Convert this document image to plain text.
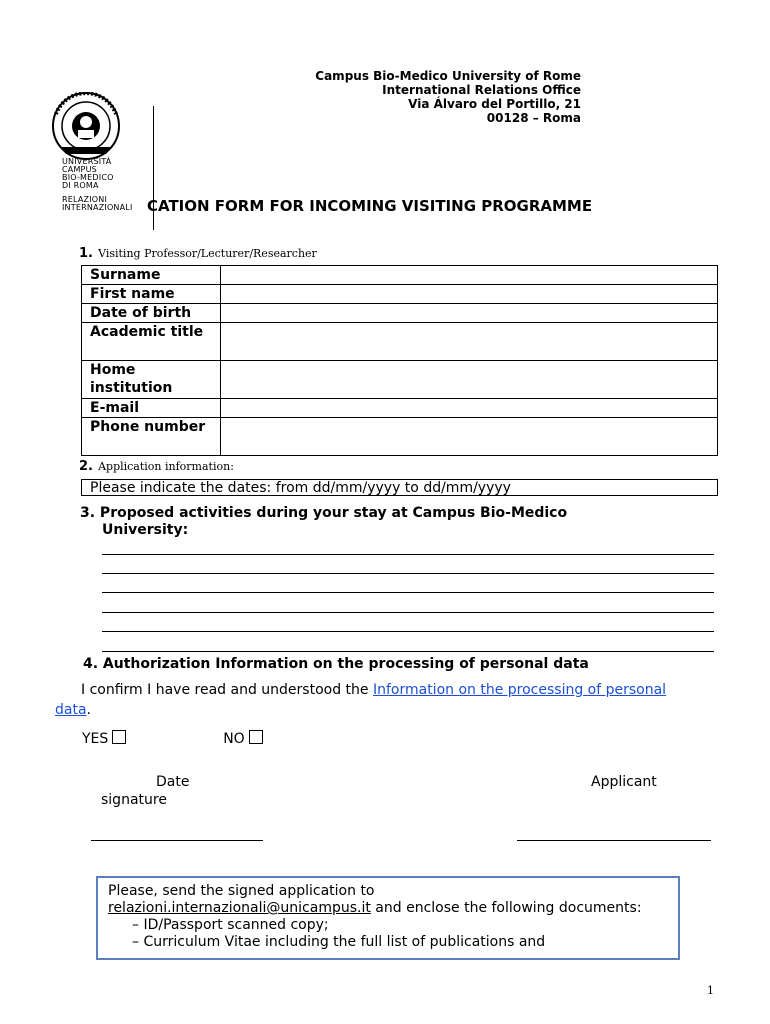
Campus Bio-Medico University of Rome
International Relations Office
Via Álvaro del Portillo, 21
00128 – Roma
UNIVERSITÀ
CAMPUS
BIO-MEDICO
DI ROMA
RELAZIONI
INTERNAZIONALI CATION FORM FOR INCOMING VISITING PROGRAMME
1. Visiting Professor/Lecturer/Researcher
Surname	
First name	
Date of birth	
Academic title	
Home institution	
E-mail	
Phone number	
2. Application information:
Please indicate the dates: from dd/mm/yyyy to dd/mm/yyyy
3. Proposed activities during your stay at Campus Bio-Medico
University:
4. Authorization Information on the processing of personal data
I confirm I have read and understood the Information on the processing of personal data.
YES	NO
Date	Applicant
signature
Please, send the signed application to
relazioni.internazionali@unicampus.it and enclose the following documents:
– ID/Passport scanned copy;
– Curriculum Vitae including the full list of publications and
1
